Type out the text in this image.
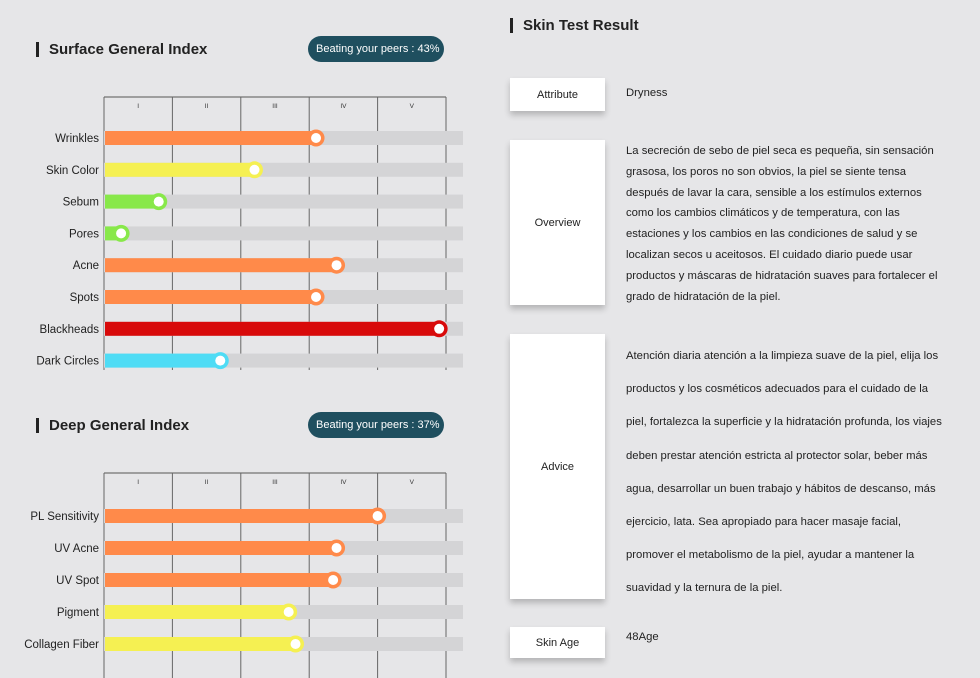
Surface General Index	Beating your peers : 43%
I	II	III	IV	V
Wrinkles
Skin Color
Sebum
Pores
Acne
Spots
Blackheads
Dark Circles
Deep General Index	Beating your peers : 37%
I	II	III	IV	V
PL Sensitivity
UV Acne
UV Spot
Pigment
Collagen Fiber
Skin Test Result
Attribute	Dryness
Overview
La secreción de sebo de piel seca es pequeña, sin sensación grasosa, los poros no son obvios, la piel se siente tensa después de lavar la cara, sensible a los estímulos externos como los cambios climáticos y de temperatura, con las estaciones y los cambios en las condiciones de salud y se localizan secos u aceitosos. El cuidado diario puede usar productos y máscaras de hidratación suaves para fortalecer el grado de hidratación de la piel.
Advice
Atención diaria atención a la limpieza suave de la piel, elija los productos y los cosméticos adecuados para el cuidado de la piel, fortalezca la superficie y la hidratación profunda, los viajes deben prestar atención estricta al protector solar, beber más agua, desarrollar un buen trabajo y hábitos de descanso, más ejercicio, lata. Sea apropiado para hacer masaje facial, promover el metabolismo de la piel, ayudar a mantener la suavidad y la ternura de la piel.
Skin Age	48Age
